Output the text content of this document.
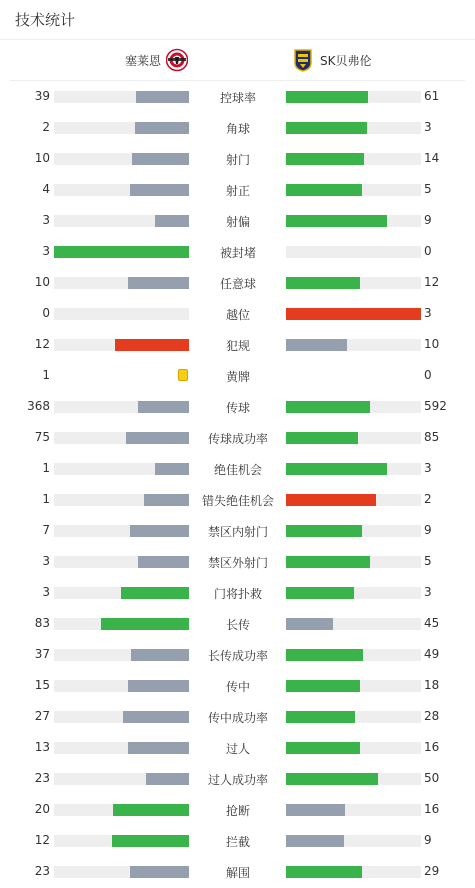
技术统计
塞莱恩	SK贝弗伦
39	控球率	61
2	角球	3
10	射门	14
4	射正	5
3	射偏	9
3	被封堵	0
10	任意球	12
0	越位	3
12	犯规	10
1	黄牌	0
368	传球	592
75	传球成功率	85
1	绝佳机会	3
1	错失绝佳机会	2
7	禁区内射门	9
3	禁区外射门	5
3	门将扑救	3
83	长传	45
37	长传成功率	49
15	传中	18
27	传中成功率	28
13	过人	16
23	过人成功率	50
20	抢断	16
12	拦截	9
23	解围	29
